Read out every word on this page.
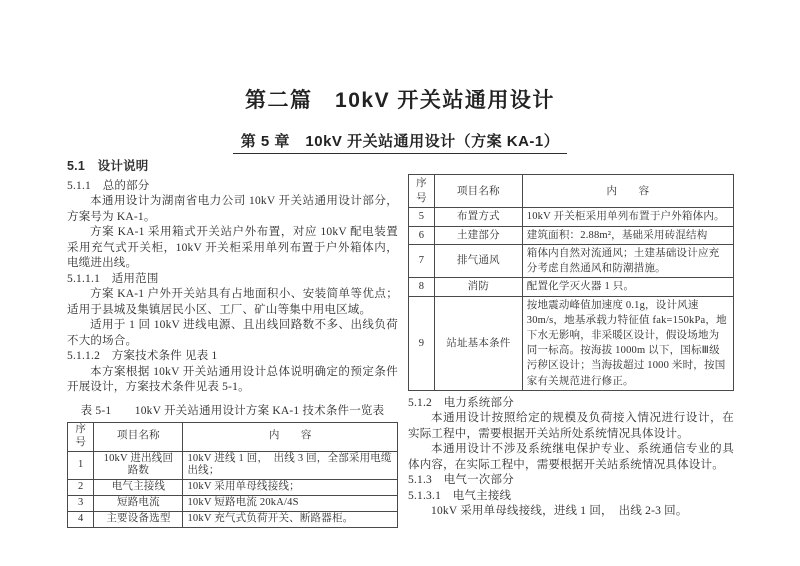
第二篇　10kV 开关站通用设计
第 5 章　10kV 开关站通用设计（方案 KA-1）

5.1　设计说明

5.1.1　总的部分

本通用设计为湖南省电力公司 10kV 开关站通用设计部分，方案号为 KA-1。

方案 KA-1 采用箱式开关站户外布置，对应 10kV 配电装置采用充气式开关柜，10kV 开关柜采用单列布置于户外箱体内，电缆进出线。

5.1.1.1　适用范围

方案 KA-1 户外开关站具有占地面积小、安装简单等优点；适用于县城及集镇居民小区、工厂、矿山等集中用电区域。

适用于 1 回 10kV 进线电源、且出线回路数不多、出线负荷不大的场合。

5.1.1.2　方案技术条件 见表 1

本方案根据 10kV 开关站通用设计总体说明确定的预定条件开展设计，方案技术条件见表 5-1。

表 5-1　　10kV 开关站通用设计方案 KA-1 技术条件一览表

序号	项目名称	内　　容
1	10kV 进出线回路数	10kV 进线 1 回，　出线 3 回，全部采用电缆出线；
2	电气主接线	10kV 采用单母线接线；
3	短路电流	10kV 短路电流 20kA/4S
4	主要设备选型	10kV 充气式负荷开关、断路器柜。
序号	项目名称	内　　容
5	布置方式	10kV 开关柜采用单列布置于户外箱体内。
6	土建部分	建筑面积：2.88m²，基础采用砖混结构
7	排气通风	箱体内自然对流通风；土建基础设计应充分考虑自然通风和防潮措施。
8	消防	配置化学灭火器 1 只。
9	站址基本条件	按地震动峰值加速度 0.1g，设计风速 30m/s，地基承载力特征值 fak=150kPa，地下水无影响，非采暖区设计，假设场地为同一标高。按海拔 1000m 以下，国标Ⅲ级污秽区设计；当海拔超过 1000 米时，按国家有关规范进行修正。

5.1.2　电力系统部分

本通用设计按照给定的规模及负荷接入情况进行设计，在实际工程中，需要根据开关站所处系统情况具体设计。

本通用设计不涉及系统继电保护专业、系统通信专业的具体内容，在实际工程中，需要根据开关站系统情况具体设计。

5.1.3　电气一次部分

5.1.3.1　电气主接线

10kV 采用单母线接线，进线 1 回，　出线 2-3 回。
